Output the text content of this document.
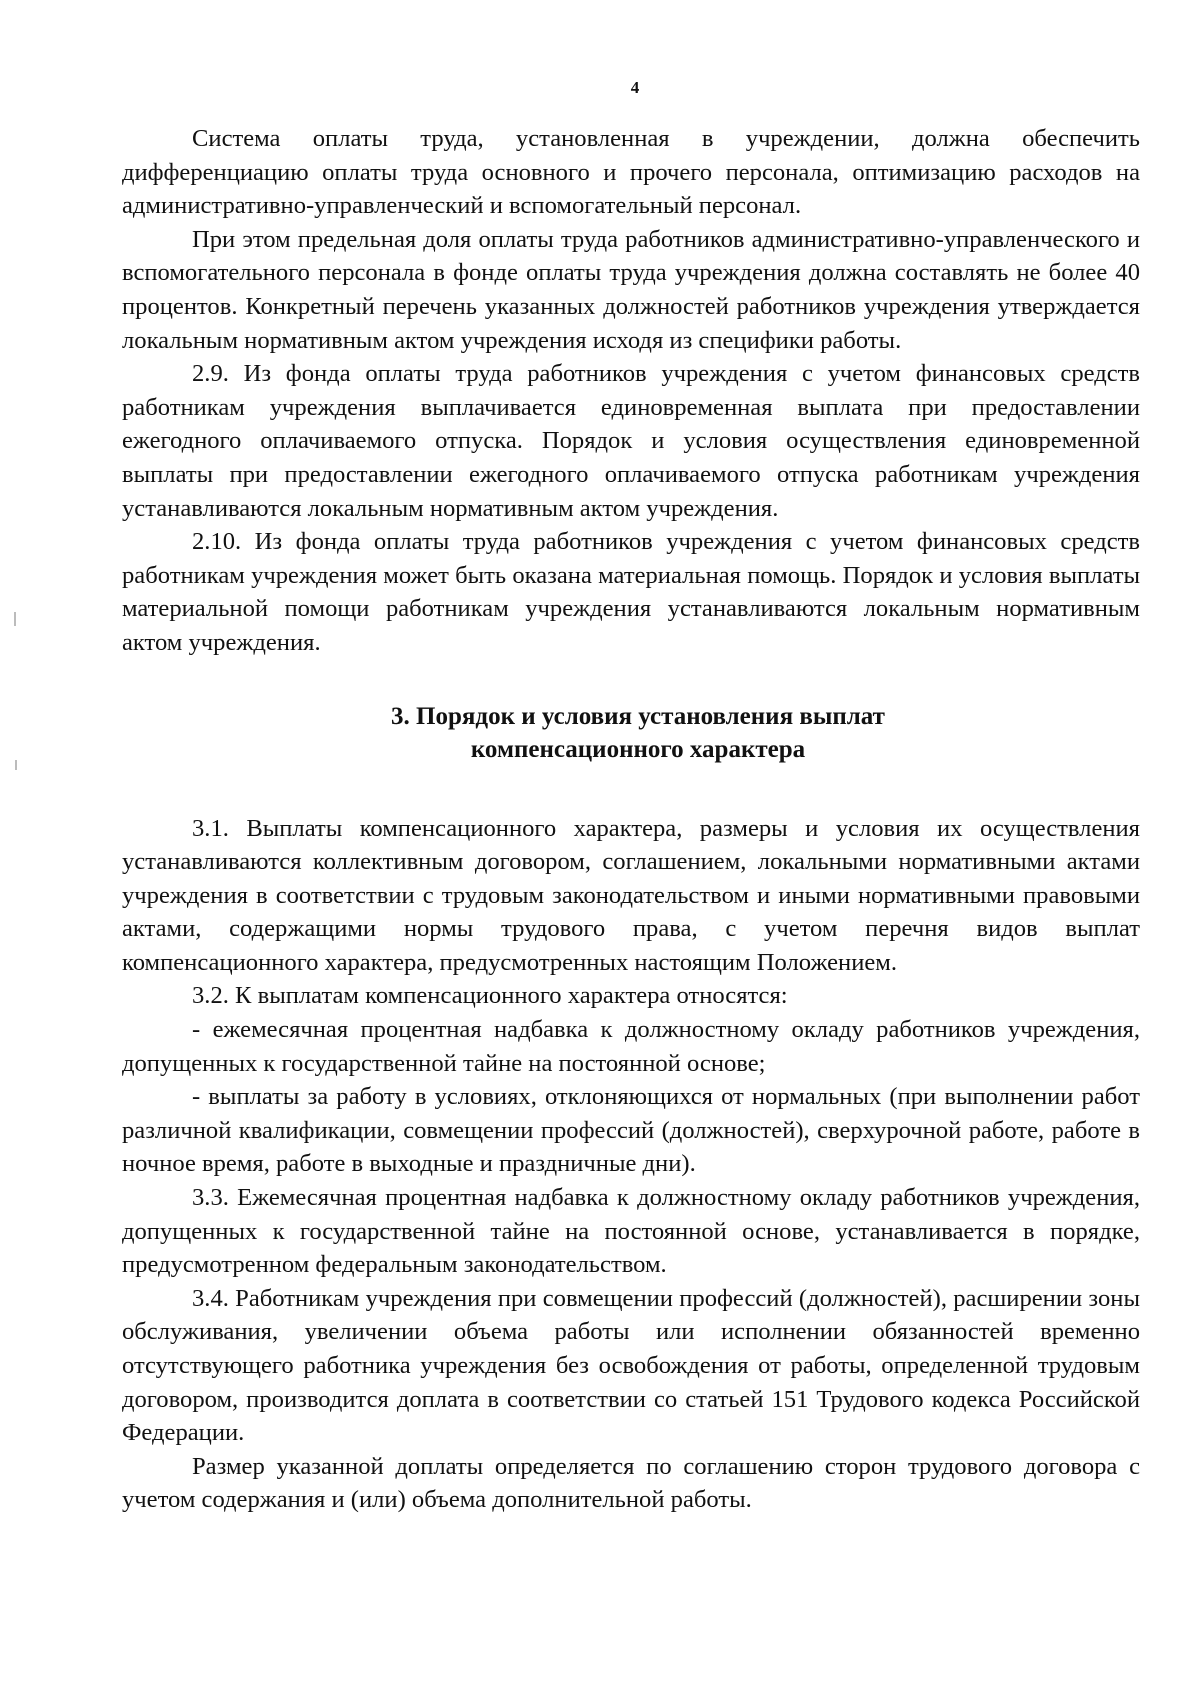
4

Система оплаты труда, установленная в учреждении, должна обеспечить дифференциацию оплаты труда основного и прочего персонала, оптимизацию расходов на административно-управленческий и вспомогательный персонал.

При этом предельная доля оплаты труда работников административно-управленческого и вспомогательного персонала в фонде оплаты труда учреждения должна составлять не более 40 процентов. Конкретный перечень указанных должностей работников учреждения утверждается локальным нормативным актом учреждения исходя из специфики работы.

2.9. Из фонда оплаты труда работников учреждения с учетом финансовых средств работникам учреждения выплачивается единовременная выплата при предоставлении ежегодного оплачиваемого отпуска. Порядок и условия осуществления единовременной выплаты при предоставлении ежегодного оплачиваемого отпуска работникам учреждения устанавливаются локальным нормативным актом учреждения.

2.10. Из фонда оплаты труда работников учреждения с учетом финансовых средств работникам учреждения может быть оказана материальная помощь. Порядок и условия выплаты материальной помощи работникам учреждения устанавливаются локальным нормативным актом учреждения.

3. Порядок и условия установления выплат
компенсационного характера

3.1. Выплаты компенсационного характера, размеры и условия их осуществления устанавливаются коллективным договором, соглашением, локальными нормативными актами учреждения в соответствии с трудовым законодательством и иными нормативными правовыми актами, содержащими нормы трудового права, с учетом перечня видов выплат компенсационного характера, предусмотренных настоящим Положением.

3.2. К выплатам компенсационного характера относятся:

- ежемесячная процентная надбавка к должностному окладу работников учреждения, допущенных к государственной тайне на постоянной основе;

- выплаты за работу в условиях, отклоняющихся от нормальных (при выполнении работ различной квалификации, совмещении профессий (должностей), сверхурочной работе, работе в ночное время, работе в выходные и праздничные дни).

3.3. Ежемесячная процентная надбавка к должностному окладу работников учреждения, допущенных к государственной тайне на постоянной основе, устанавливается в порядке, предусмотренном федеральным законодательством.

3.4. Работникам учреждения при совмещении профессий (должностей), расширении зоны обслуживания, увеличении объема работы или исполнении обязанностей временно отсутствующего работника учреждения без освобождения от работы, определенной трудовым договором, производится доплата в соответствии со статьей 151 Трудового кодекса Российской Федерации.

Размер указанной доплаты определяется по соглашению сторон трудового договора с учетом содержания и (или) объема дополнительной работы.
